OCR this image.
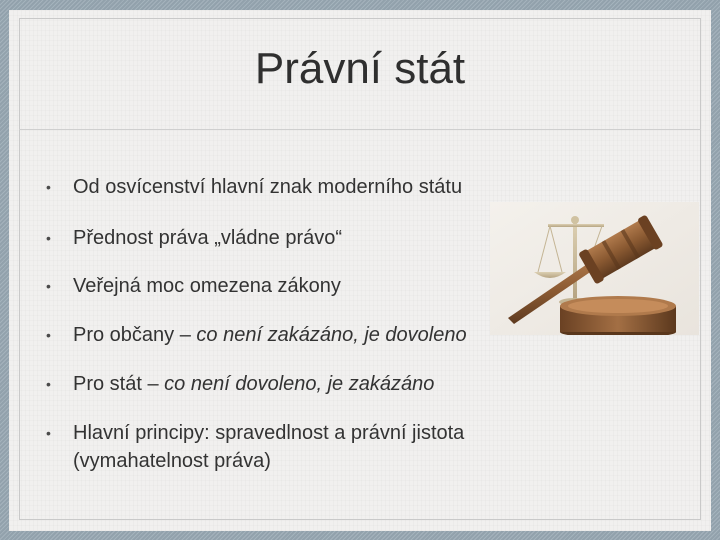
Právní stát
•	Od osvícenství hlavní znak moderního státu
•	Přednost práva „vládne právo“
•	Veřejná moc omezena zákony
•	Pro občany – co není zakázáno, je dovoleno
•	Pro stát – co není dovoleno, je zakázáno
•	Hlavní principy: spravedlnost a právní jistota (vymahatelnost práva)
